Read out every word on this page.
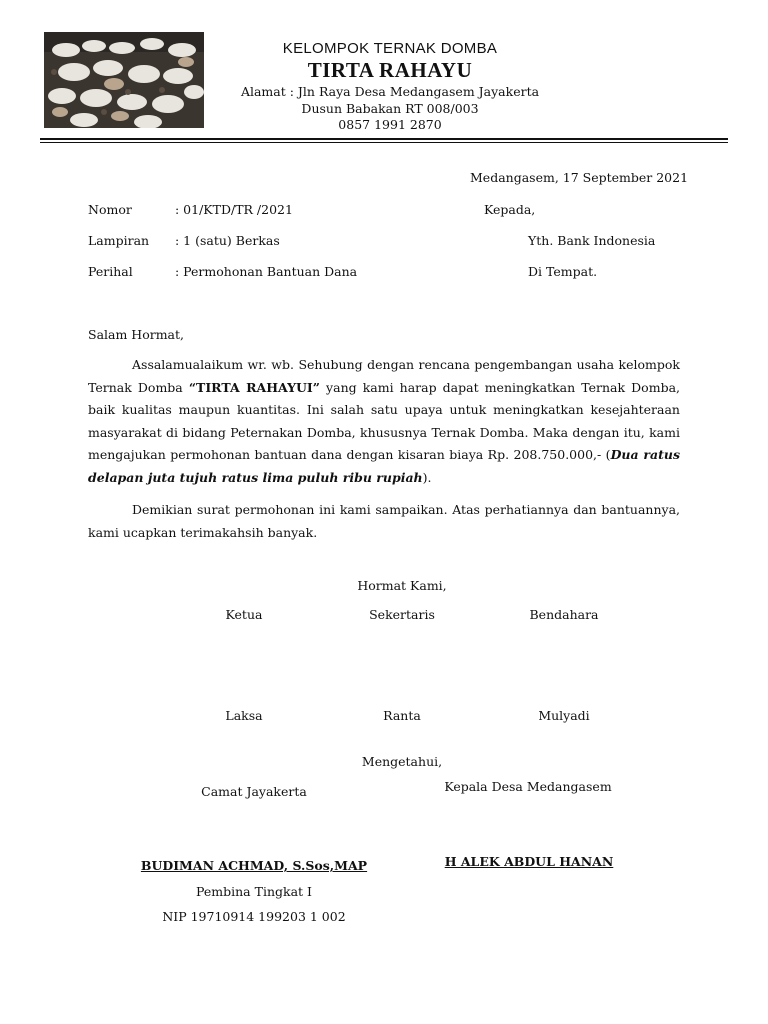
KELOMPOK TERNAK DOMBA
TIRTA RAHAYU
Alamat : Jln Raya Desa Medangasem Jayakerta
Dusun Babakan RT 008/003
0857 1991 2870
Medangasem, 17 September 2021
Nomor	: 01/KTD/TR /2021
Lampiran : 1 (satu) Berkas
Perihal	: Permohonan Bantuan Dana
Kepada,
Yth. Bank Indonesia
Di Tempat.
Salam Hormat,
Assalamualaikum wr. wb. Sehubung dengan rencana pengembangan usaha kelompok Ternak Domba “TIRTA RAHAYUI” yang kami harap dapat meningkatkan Ternak Domba, baik kualitas maupun kuantitas. Ini salah satu upaya untuk meningkatkan kesejahteraan masyarakat di bidang Peternakan Domba, khususnya Ternak Domba. Maka dengan itu, kami mengajukan permohonan bantuan dana dengan kisaran biaya Rp. 208.750.000,- (Dua ratus delapan juta tujuh ratus lima puluh ribu rupiah).
Demikian surat permohonan ini kami sampaikan. Atas perhatiannya dan bantuannya, kami ucapkan terimakahsih banyak.
Hormat Kami,
Ketua	Sekertaris	Bendahara
Laksa	Ranta	Mulyadi
Mengetahui,
Camat Jayakerta	Kepala Desa Medangasem
BUDIMAN ACHMAD, S.Sos,MAP	H ALEK ABDUL HANAN
Pembina Tingkat I
NIP 19710914 199203 1 002
